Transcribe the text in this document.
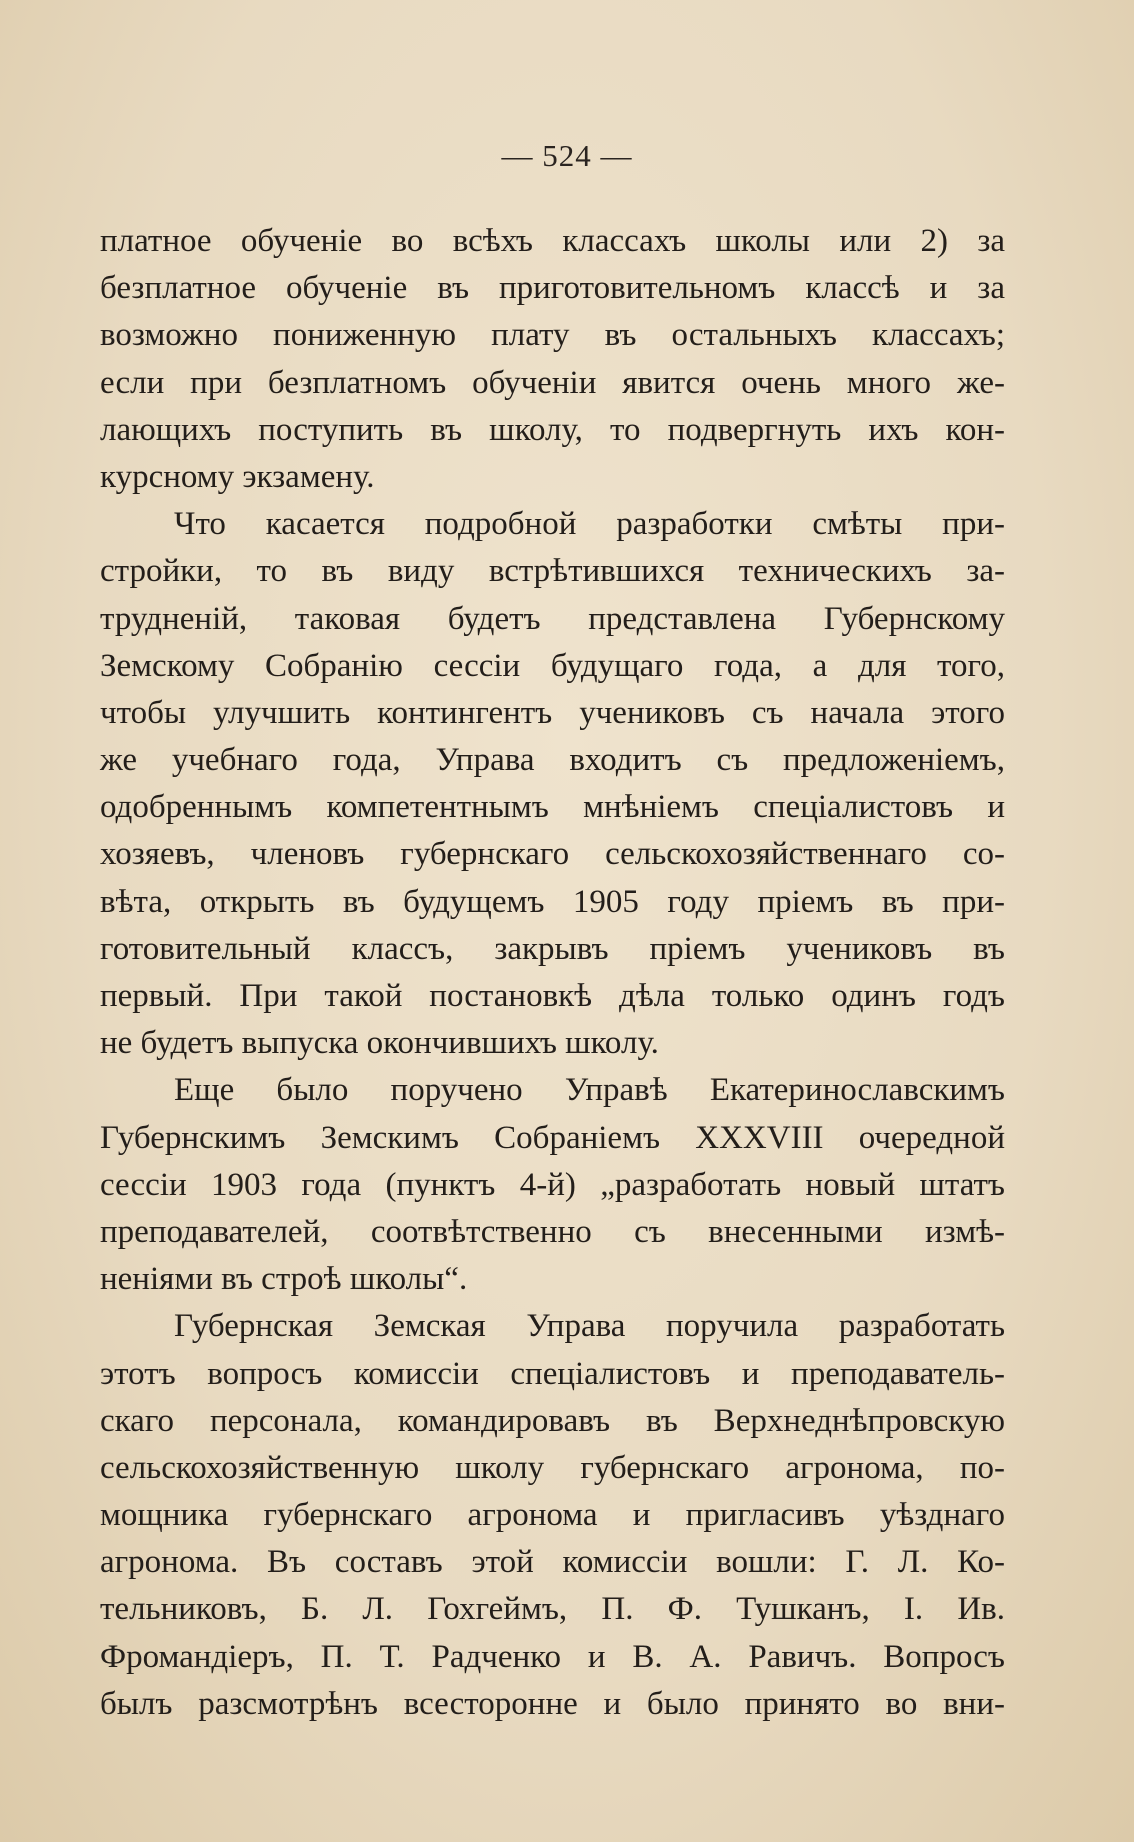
— 524 —
платное обученіе во всѣхъ классахъ школы или 2) за
безплатное обученіе въ приготовительномъ классѣ и за
возможно пониженную плату въ остальныхъ классахъ;
если при безплатномъ обученіи явится очень много же-
лающихъ поступить въ школу, то подвергнуть ихъ кон-
курсному экзамену.
Что касается подробной разработки смѣты при-
стройки, то въ виду встрѣтившихся техническихъ за-
трудненій, таковая будетъ представлена Губернскому
Земскому Собранію сессіи будущаго года, а для того,
чтобы улучшить контингентъ учениковъ съ начала этого
же учебнаго года, Управа входитъ съ предложеніемъ,
одобреннымъ компетентнымъ мнѣніемъ спеціалистовъ и
хозяевъ, членовъ губернскаго сельскохозяйственнаго со-
вѣта, открыть въ будущемъ 1905 году пріемъ въ при-
готовительный классъ, закрывъ пріемъ учениковъ въ
первый. При такой постановкѣ дѣла только одинъ годъ
не будетъ выпуска окончившихъ школу.
Еще было поручено Управѣ Екатеринославскимъ
Губернскимъ Земскимъ Собраніемъ XXXVIII очередной
сессіи 1903 года (пунктъ 4-й) „разработать новый штатъ
преподавателей, соотвѣтственно съ внесенными измѣ-
неніями въ строѣ школы“.
Губернская Земская Управа поручила разработать
этотъ вопросъ комиссіи спеціалистовъ и преподаватель-
скаго персонала, командировавъ въ Верхнеднѣпровскую
сельскохозяйственную школу губернскаго агронома, по-
мощника губернскаго агронома и пригласивъ уѣзднаго
агронома. Въ составъ этой комиссіи вошли: Г. Л. Ко-
тельниковъ, Б. Л. Гохгеймъ, П. Ф. Тушканъ, І. Ив.
Фромандіеръ, П. Т. Радченко и В. А. Равичъ. Вопросъ
былъ разсмотрѣнъ всесторонне и было принято во вни-
